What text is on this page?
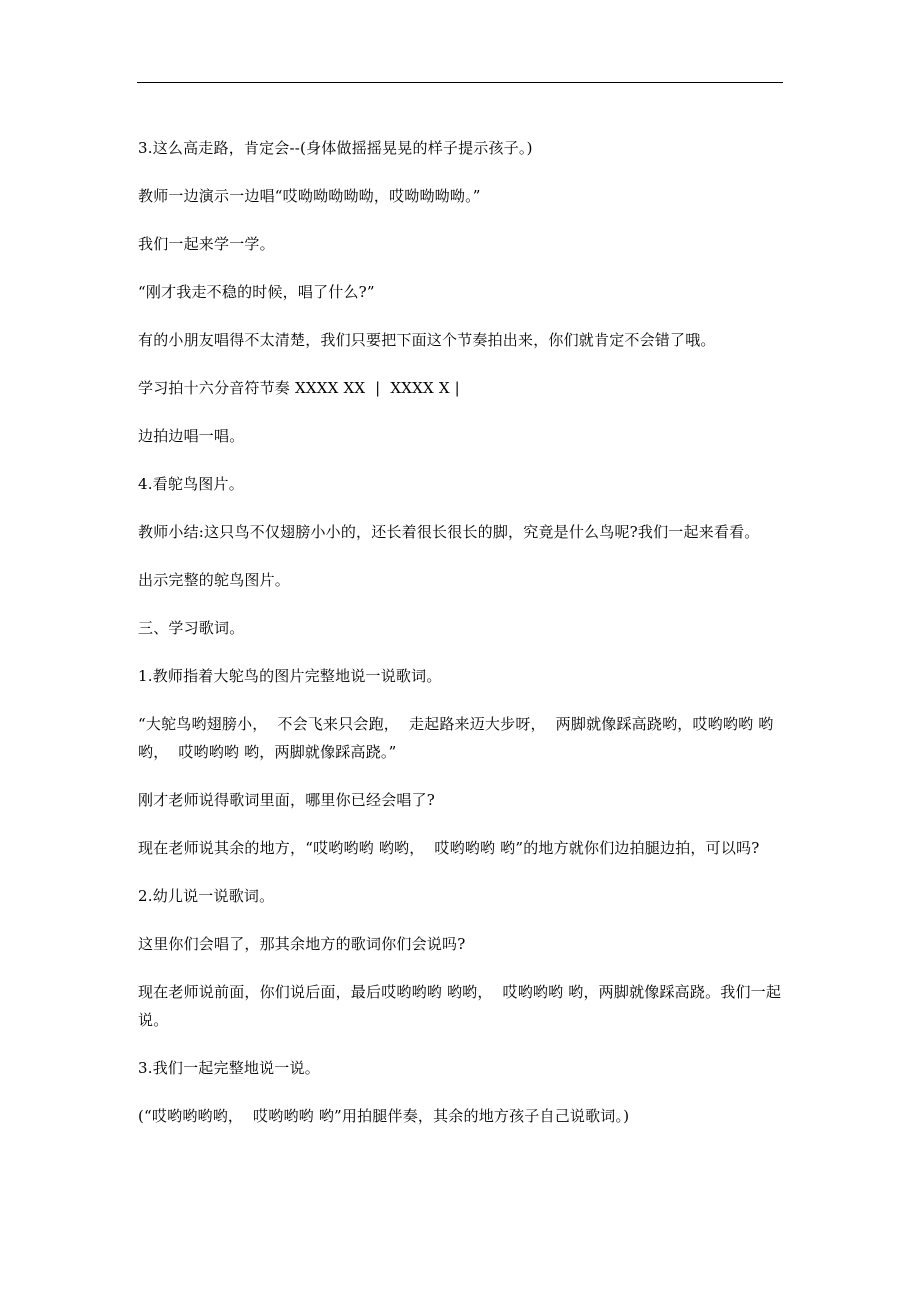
3.这么高走路，肯定会--(身体做摇摇晃晃的样子提示孩子。)

教师一边演示一边唱“哎呦呦呦呦呦，哎呦呦呦呦。”

我们一起来学一学。

“刚才我走不稳的时候，唱了什么?”

有的小朋友唱得不太清楚，我们只要把下面这个节奏拍出来，你们就肯定不会错了哦。

学习拍十六分音符节奏 XXXX XX  |  XXXX X |

边拍边唱一唱。

4.看鸵鸟图片。

教师小结:这只鸟不仅翅膀小小的，还长着很长很长的脚，究竟是什么鸟呢?我们一起来看看。

出示完整的鸵鸟图片。

三、学习歌词。

1.教师指着大鸵鸟的图片完整地说一说歌词。

“大鸵鸟哟翅膀小，  不会飞来只会跑，  走起路来迈大步呀，  两脚就像踩高跷哟，哎哟哟哟 哟哟，  哎哟哟哟 哟，两脚就像踩高跷。”

刚才老师说得歌词里面，哪里你已经会唱了?

现在老师说其余的地方，“哎哟哟哟 哟哟，  哎哟哟哟 哟”的地方就你们边拍腿边拍，可以吗?

2.幼儿说一说歌词。

这里你们会唱了，那其余地方的歌词你们会说吗?

现在老师说前面，你们说后面，最后哎哟哟哟 哟哟，  哎哟哟哟 哟，两脚就像踩高跷。我们一起说。

3.我们一起完整地说一说。

(“哎哟哟哟哟，  哎哟哟哟 哟”用拍腿伴奏，其余的地方孩子自己说歌词。)
